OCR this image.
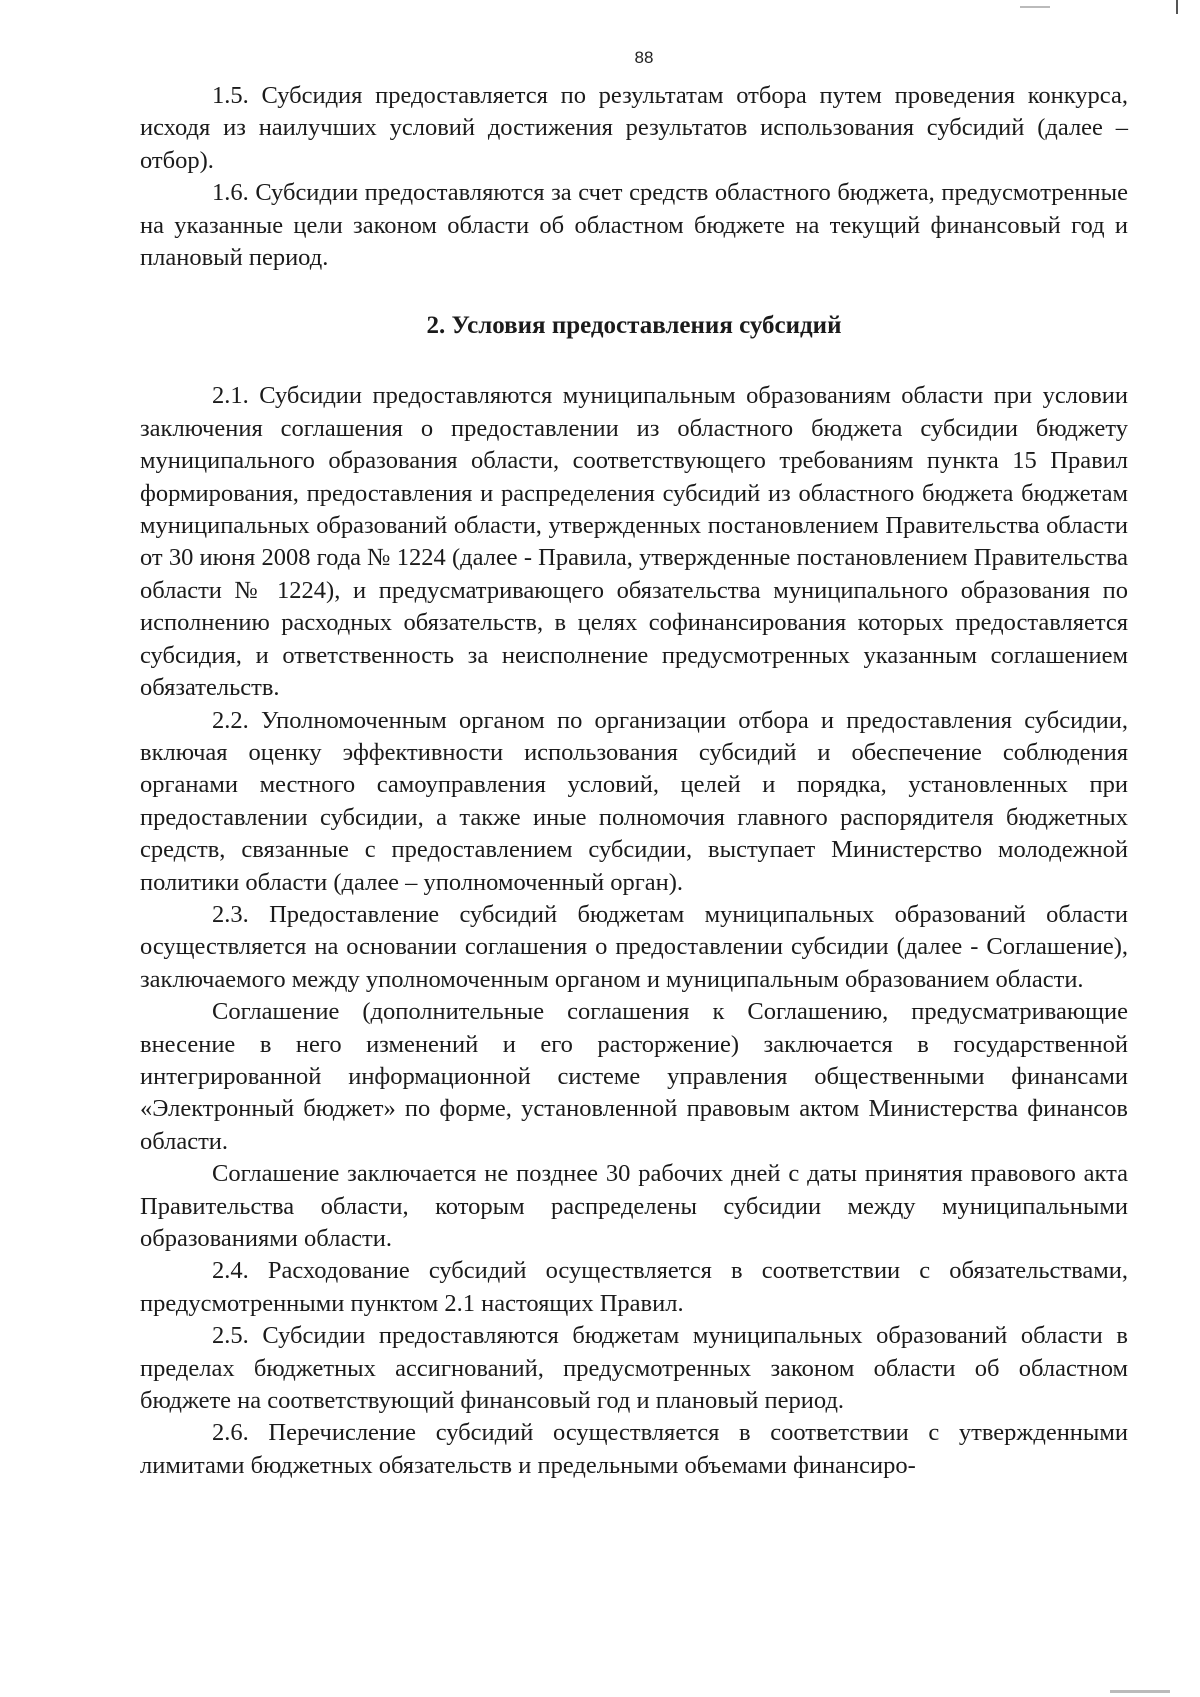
88

1.5. Субсидия предоставляется по результатам отбора путем проведения конкурса, исходя из наилучших условий достижения результатов использования субсидий (далее – отбор).

1.6. Субсидии предоставляются за счет средств областного бюджета, предусмотренные на указанные цели законом области об областном бюджете на текущий финансовый год и плановый период.

2. Условия предоставления субсидий

2.1. Субсидии предоставляются муниципальным образованиям области при условии заключения соглашения о предоставлении из областного бюджета субсидии бюджету муниципального образования области, соответствующего требованиям пункта 15 Правил формирования, предоставления и распределения субсидий из областного бюджета бюджетам муниципальных образований области, утвержденных постановлением Правительства области от 30 июня 2008 года № 1224 (далее - Правила, утвержденные постановлением Правительства области № 1224), и предусматривающего обязательства муниципального образования по исполнению расходных обязательств, в целях софинансирования которых предоставляется субсидия, и ответственность за неисполнение предусмотренных указанным соглашением обязательств.

2.2. Уполномоченным органом по организации отбора и предоставления субсидии, включая оценку эффективности использования субсидий и обеспечение соблюдения органами местного самоуправления условий, целей и порядка, установленных при предоставлении субсидии, а также иные полномочия главного распорядителя бюджетных средств, связанные с предоставлением субсидии, выступает Министерство молодежной политики области (далее – уполномоченный орган).

2.3. Предоставление субсидий бюджетам муниципальных образований области осуществляется на основании соглашения о предоставлении субсидии (далее - Соглашение), заключаемого между уполномоченным органом и муниципальным образованием области.

Соглашение (дополнительные соглашения к Соглашению, предусматривающие внесение в него изменений и его расторжение) заключается в государственной интегрированной информационной системе управления общественными финансами «Электронный бюджет» по форме, установленной правовым актом Министерства финансов области.

Соглашение заключается не позднее 30 рабочих дней с даты принятия правового акта Правительства области, которым распределены субсидии между муниципальными образованиями области.

2.4. Расходование субсидий осуществляется в соответствии с обязательствами, предусмотренными пунктом 2.1 настоящих Правил.

2.5. Субсидии предоставляются бюджетам муниципальных образований области в пределах бюджетных ассигнований, предусмотренных законом области об областном бюджете на соответствующий финансовый год и плановый период.

2.6. Перечисление субсидий осуществляется в соответствии с утвержденными лимитами бюджетных обязательств и предельными объемами финансиро-
